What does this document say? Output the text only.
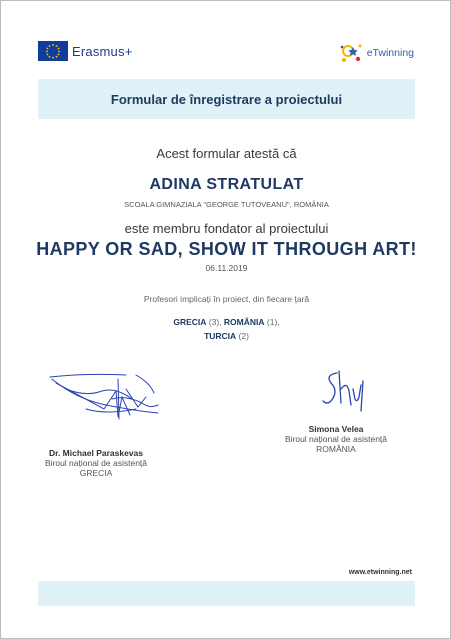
Erasmus+	eTwinning
Formular de înregistrare a proiectului
Acest formular atestă că
ADINA STRATULAT
SCOALA GIMNAZIALA "GEORGE TUTOVEANU", ROMÂNIA
este membru fondator al proiectului
HAPPY OR SAD, SHOW IT THROUGH ART!
06.11.2019
Profesori implicați în proiect, din fiecare țară
GRECIA (3), ROMÂNIA (1),
TURCIA (2)
Dr. Michael Paraskevas
Biroul național de asistență
GRECIA
Simona Velea
Biroul național de asistență
ROMÂNIA
www.etwinning.net
